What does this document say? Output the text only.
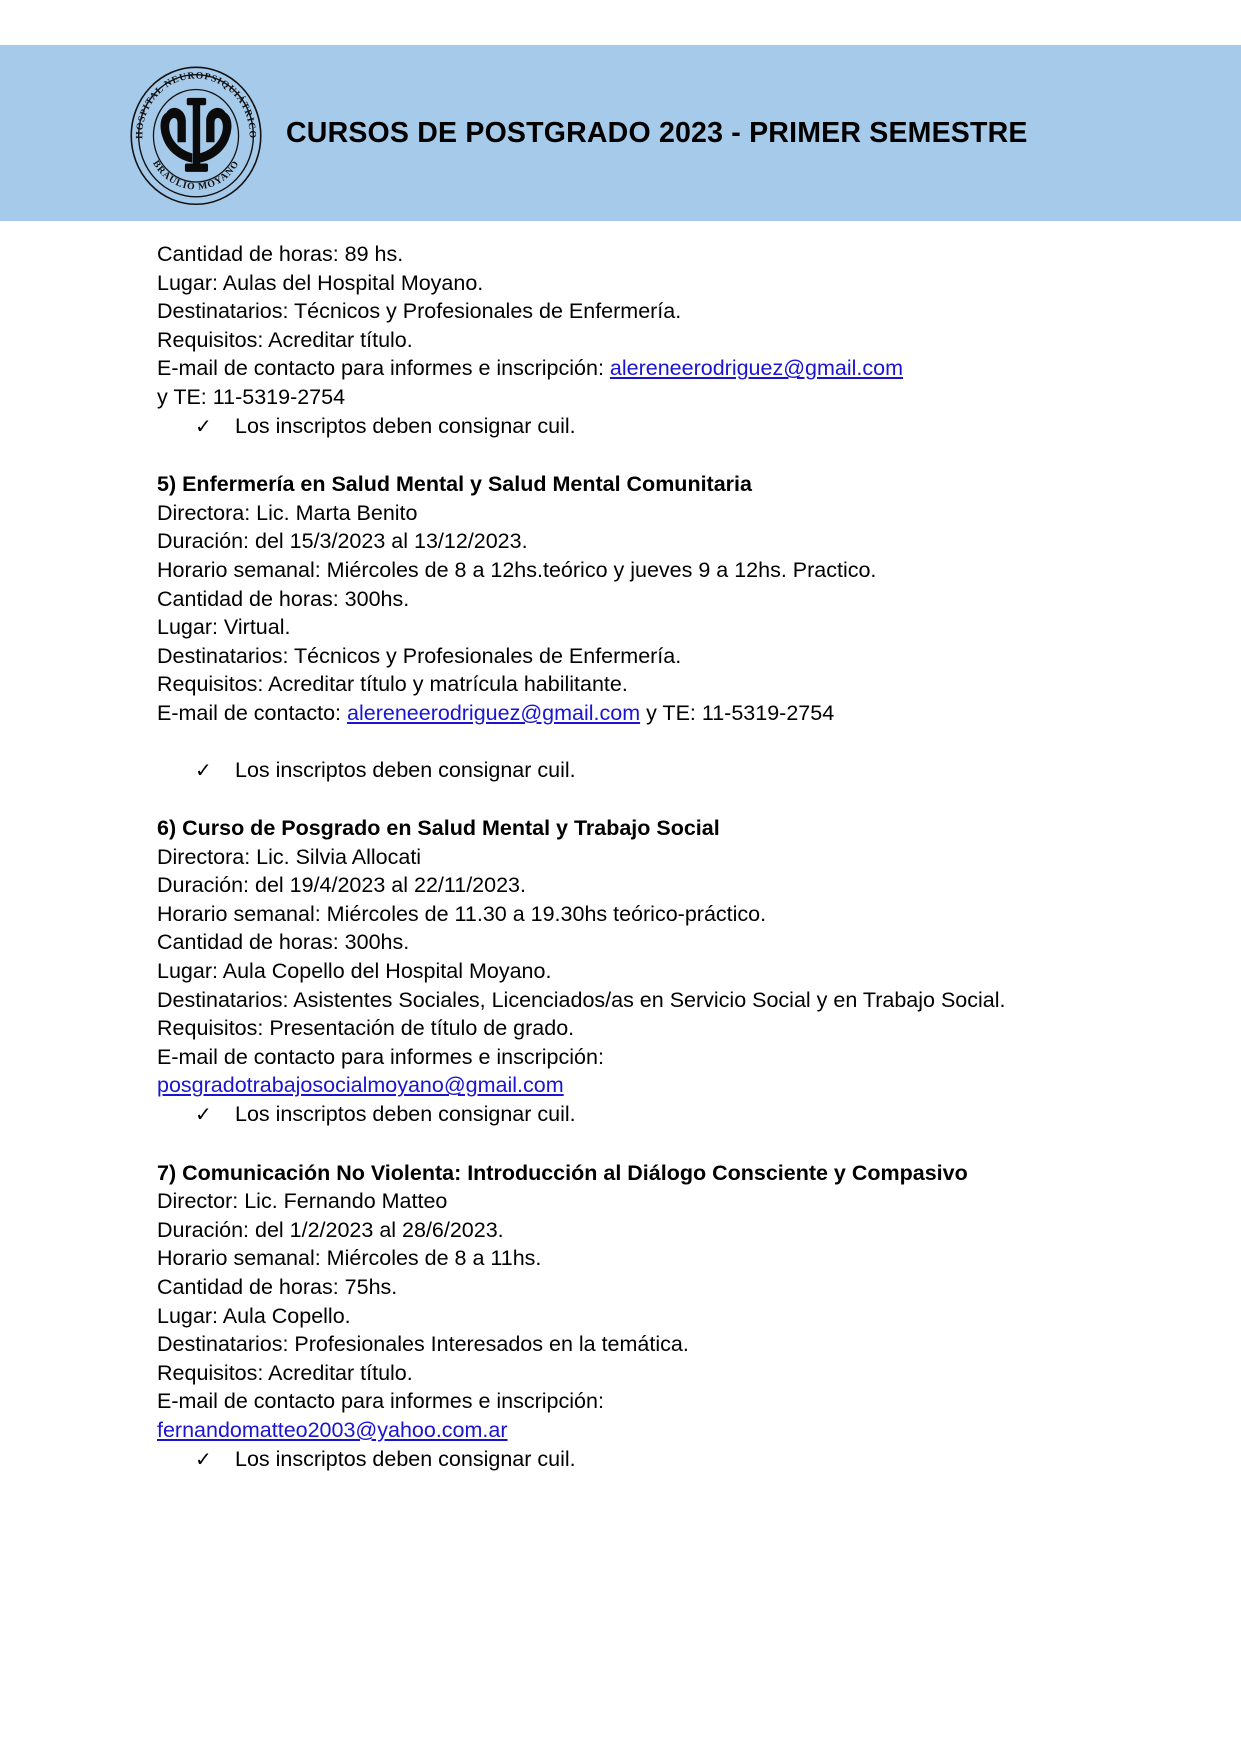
HOSPITAL NEUROPSIQUIÁTRICO
BRAULIO MOYANO
CURSOS DE POSTGRADO 2023 - PRIMER SEMESTRE
Cantidad de horas: 89 hs.
Lugar: Aulas del Hospital Moyano.
Destinatarios: Técnicos y Profesionales de Enfermería.
Requisitos: Acreditar título.
E-mail de contacto para informes e inscripción: alereneerodriguez@gmail.com
y TE: 11-5319-2754
✓	Los inscriptos deben consignar cuil.
5) Enfermería en Salud Mental y Salud Mental Comunitaria
Directora: Lic. Marta Benito
Duración: del 15/3/2023 al 13/12/2023.
Horario semanal: Miércoles de 8 a 12hs.teórico y jueves 9 a 12hs. Practico.
Cantidad de horas: 300hs.
Lugar: Virtual.
Destinatarios: Técnicos y Profesionales de Enfermería.
Requisitos: Acreditar título y matrícula habilitante.
E-mail de contacto: alereneerodriguez@gmail.com y TE: 11-5319-2754
✓	Los inscriptos deben consignar cuil.
6) Curso de Posgrado en Salud Mental y Trabajo Social
Directora: Lic. Silvia Allocati
Duración: del 19/4/2023 al 22/11/2023.
Horario semanal: Miércoles de 11.30 a 19.30hs teórico-práctico.
Cantidad de horas: 300hs.
Lugar: Aula Copello del Hospital Moyano.
Destinatarios: Asistentes Sociales, Licenciados/as en Servicio Social y en Trabajo Social.
Requisitos: Presentación de título de grado.
E-mail de contacto para informes e inscripción:
posgradotrabajosocialmoyano@gmail.com
✓	Los inscriptos deben consignar cuil.
7) Comunicación No Violenta: Introducción al Diálogo Consciente y Compasivo
Director: Lic. Fernando Matteo
Duración: del 1/2/2023 al 28/6/2023.
Horario semanal: Miércoles de 8 a 11hs.
Cantidad de horas: 75hs.
Lugar: Aula Copello.
Destinatarios: Profesionales Interesados en la temática.
Requisitos: Acreditar título.
E-mail de contacto para informes e inscripción:
fernandomatteo2003@yahoo.com.ar
✓	Los inscriptos deben consignar cuil.
